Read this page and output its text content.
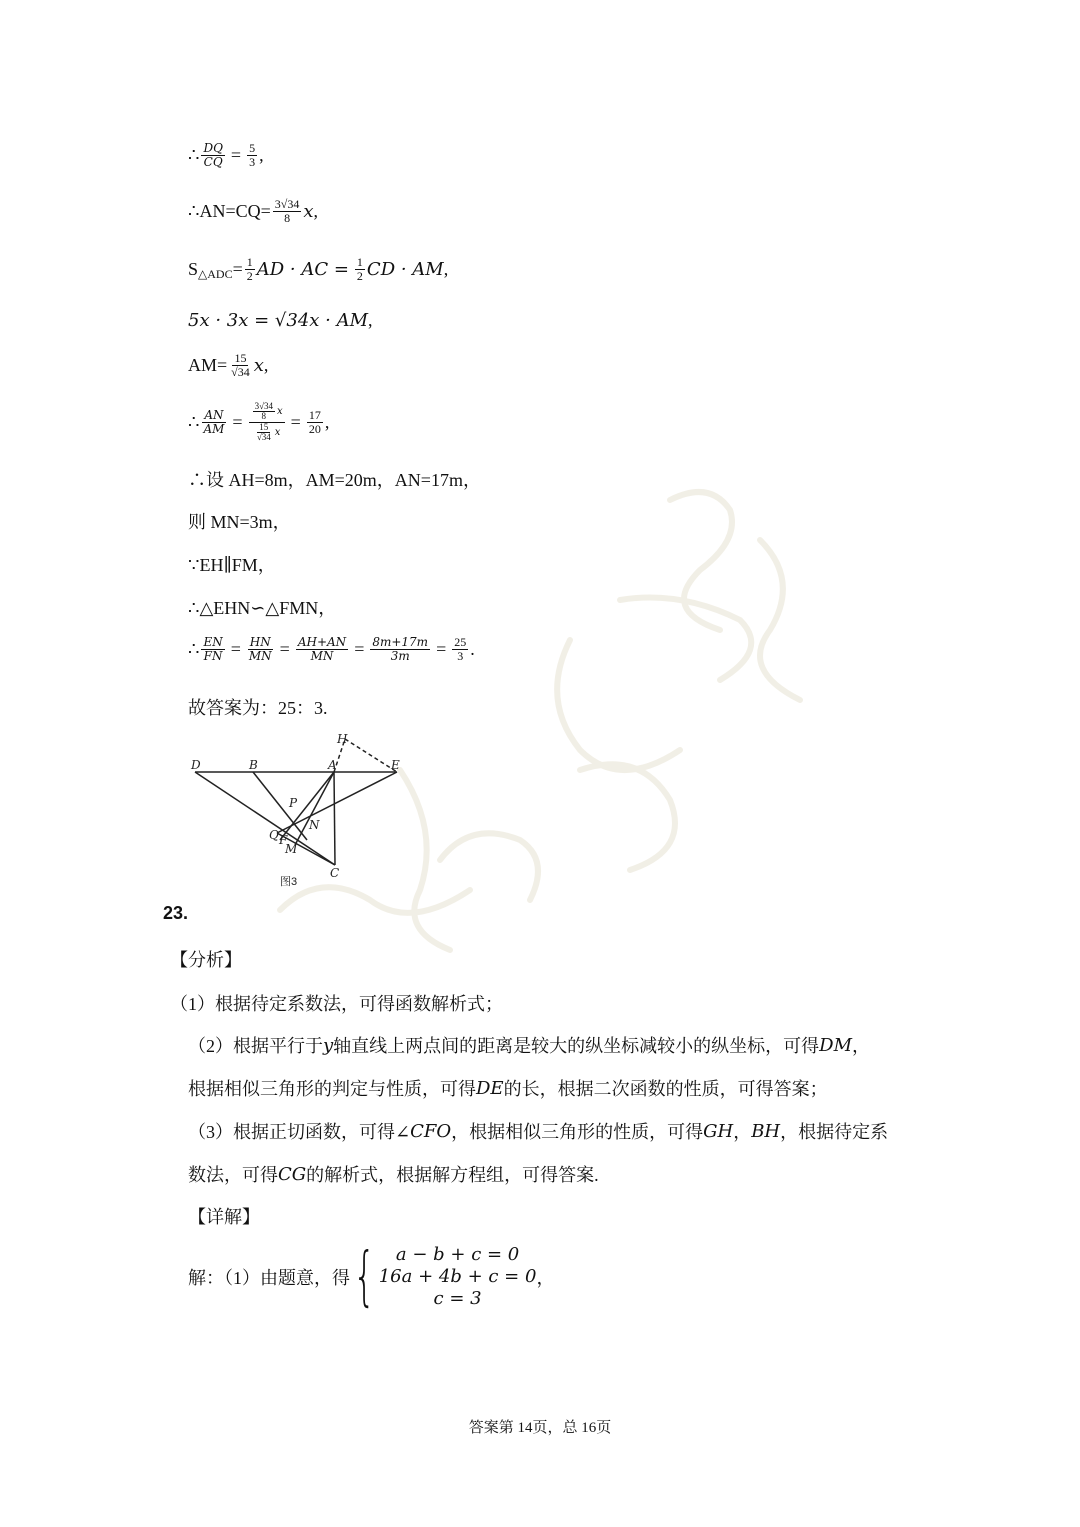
∴ $\frac{DQ}{CQ} = \frac{5}{3}$ ,
∴AN=CQ= $\frac{3√34}{8}$ x ,
S △ADC = $\frac{1}{2}$ AD · AC = $\frac{1}{2}$ CD · AM ,
5x · 3x = √34x · AM ,
$AM= \frac{15}{√34}$ x ,
∴ $\frac{AN}{AM} = \frac{\frac{3√34}{8} x}{\frac{15}{√34} x} = \frac{17}{20}$ ,
∴设 AH=8m，AM=20m，AN=17m，
则 MN=3m，
∵EH∥FM，
∴△EHN∽△FMN，
∴ $\frac{EN}{FN} = \frac{HN}{MN} = \frac{AH+AN}{MN} = \frac{8m+17m}{3m} = \frac{25}{3}$ .
故答案为：25：3.
D	B	A	E
H
P
N
Q F
M
C
图3
23.
【分析】
（1）根据待定系数法，可得函数解析式；
（2）根据平行于 y 轴直线上两点间的距离是较大的纵坐标减较小的纵坐标，可得 DM ，
根据相似三角形的判定与性质，可得 DE 的长，根据二次函数的性质，可得答案；
（3）根据正切函数，可得∠ CFO ，根据相似三角形的性质，可得 GH ， BH ，根据待定系
数法，可得 CG 的解析式，根据解方程组，可得答案.
【详解】
解：（1）由题意，得 { a − b + c = 0
16a + 4b + c = 0
c = 3
，
答案第 14页，总 16页
